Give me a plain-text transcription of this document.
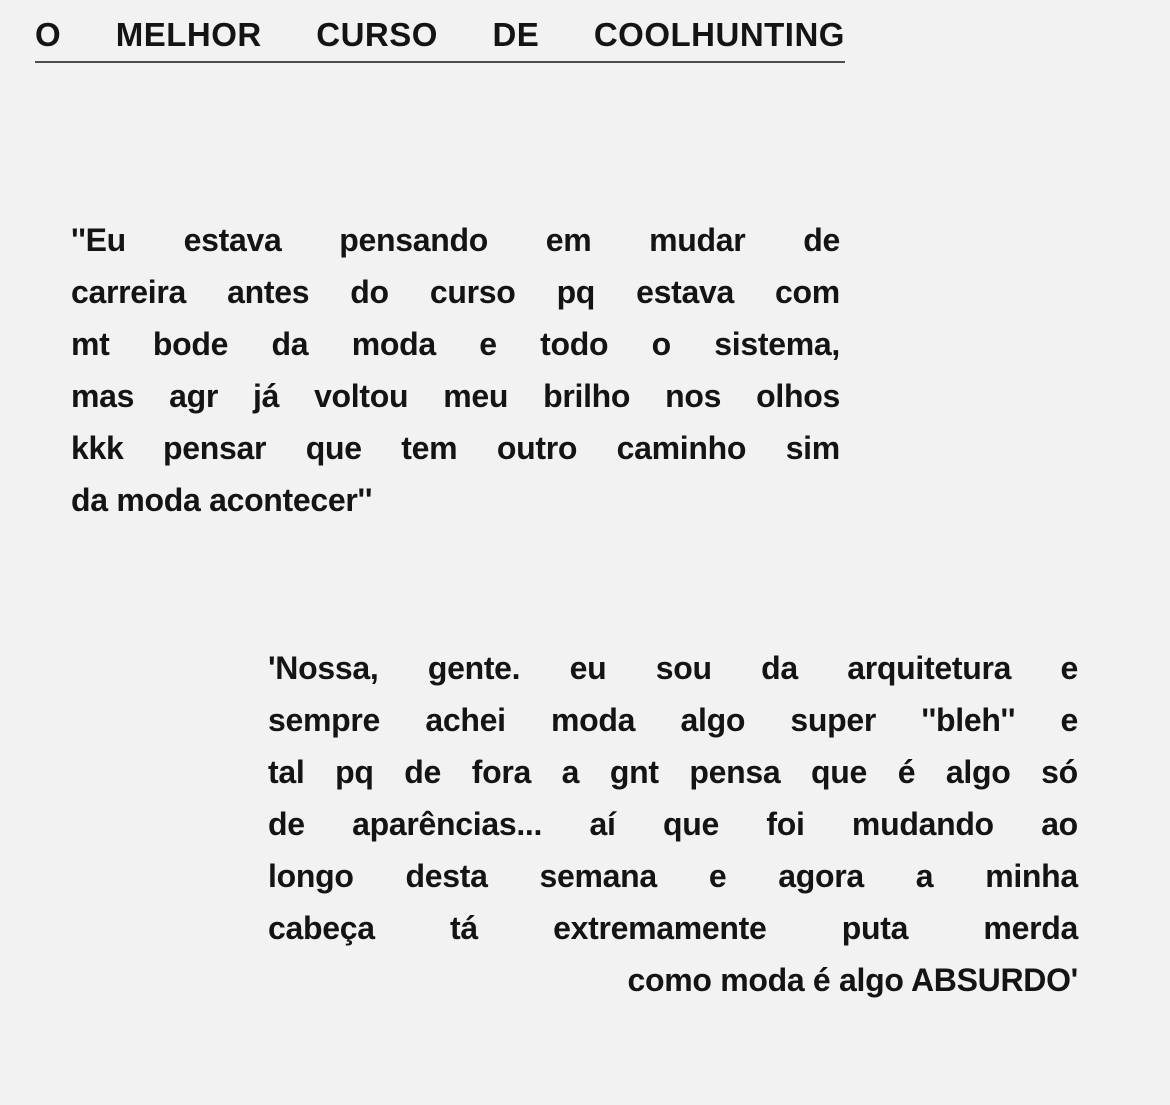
O MELHOR CURSO DE COOLHUNTING
''Eu estava pensando em mudar de
carreira antes do curso pq estava com
mt bode da moda e todo o sistema,
mas agr já voltou meu brilho nos olhos
kkk pensar que tem outro caminho sim
da moda acontecer''
'Nossa, gente. eu sou da arquitetura e
sempre achei moda algo super ''bleh'' e
tal pq de fora a gnt pensa que é algo só
de aparências... aí que foi mudando ao
longo desta semana e agora a minha
cabeça tá extremamente puta merda
como moda é algo ABSURDO'
